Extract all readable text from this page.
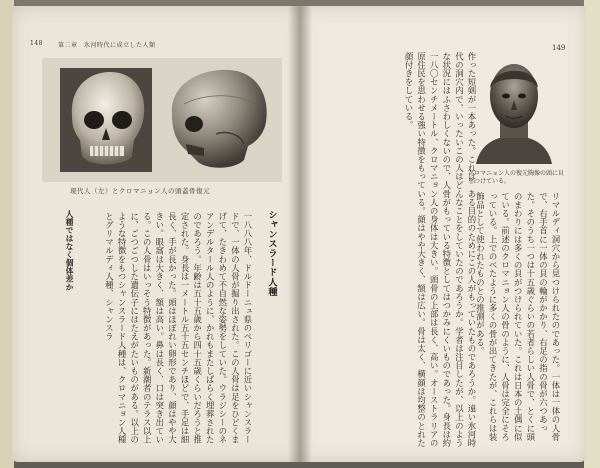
148	第二章　氷河時代に成立した人類
現代人（左）とクロマニョン人の頭蓋骨復元
シャンスラード人種
一八八八年、ドルドーニュ県のペリゴーに近いシャンスラードで、一体の人骨が掘り出された。この人骨は足をひどくまげて、たきわめて不自然な姿勢をしていた。ウラジシーのネアンデルタール人のように、かれもまたしばらく埋葬されたのであろう。年齢は五十五歳から四十五歳くらいだろうと推定された。身長は一メートル五十五センチほどで、手足は細長く、手が長かった。頭はほぼれい卵形であり、顔はやや大きい。眼窩は大きく、額は高い。鼻は長く、口は突き出ている。この人骨はいっそう特徴があった。新潮者のテラス以上に、ごつごつした遺伝子にはたえがたいものがある。以上のような特徴をもつシャンスラード人種は、クロマニョン人種とグリマルディ人種、シャンスラ
人種ではなく個体差か
149
クロマニョン人の復元胸像の頭に貝をつけている。
作った短剣が一本あった。これは、ある目的のためにこの人がもっていたものであろうか。遠い氷河時代の洞穴内で、いったいこの人はどんなことをしていたのであろうか。学者は注目したが、以上のような状況にはふさわしくないので、人骨がもっている特徴としてはつかみにくいものであった。身長は約一八〇センチメートル、クロマニョン人の身体は大きい。頭骨の上部は長く、高い。オーストラリアの原住民を思わせる強い特徴をもっている。顔はやや大きく、額は広い。骨は太く、横顔は均整のとれた顔付きをしている。
リマルディ洞穴から見つけられたのであった。一体は一体の人骨で、右手首に一体の貝の輪がかかり、右足の指の骨が六つあった。そのうち一つは十五歳ぐらいの若者らしい人骨で、とくに頭のまわりには多くの貝がつけられていた。これは日本の土偶に似ている。前述のクロマニョン人の骨のように、人骨は完全にそろっている。上でのべたように多くの骨が出てきたが、これらは装飾品として使われたものとの推測がある。
